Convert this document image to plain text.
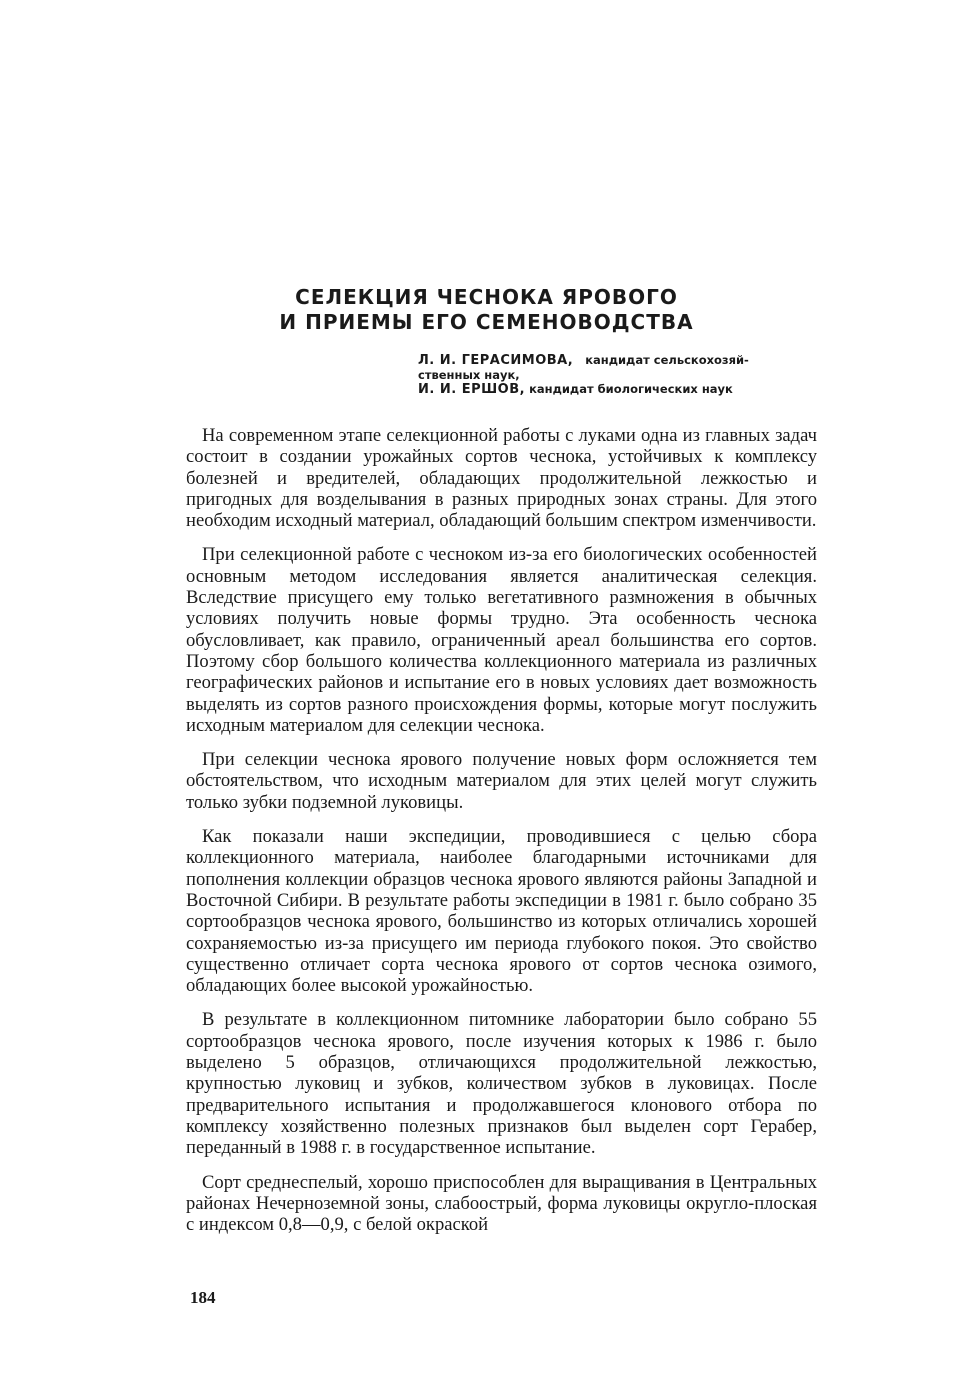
СЕЛЕКЦИЯ ЧЕСНОКА ЯРОВОГО
И ПРИЕМЫ ЕГО СЕМЕНОВОДСТВА
Л. И. ГЕРАСИМОВА, кандидат сельскохозяй-
ственных наук,
И. И. ЕРШОВ, кандидат биологических наук

На современном этапе селекционной работы с луками одна из главных задач состоит в создании урожайных сортов чеснока, устойчивых к комплексу болезней и вредителей, обладающих продолжительной лежкостью и пригодных для возделывания в разных природных зонах страны. Для этого необходим исходный материал, обладающий большим спектром изменчивости.

При селекционной работе с чесноком из-за его биологических особенностей основным методом исследования является аналитическая селекция. Вследствие присущего ему только вегетативного размножения в обычных условиях получить новые формы трудно. Эта особенность чеснока обусловливает, как правило, ограниченный ареал большинства его сортов. Поэтому сбор большого количества коллекционного материала из различных географических районов и испытание его в новых условиях дает возможность выделять из сортов разного происхождения формы, которые могут послужить исходным материалом для селекции чеснока.

При селекции чеснока ярового получение новых форм осложняется тем обстоятельством, что исходным материалом для этих целей могут служить только зубки подземной луковицы.

Как показали наши экспедиции, проводившиеся с целью сбора коллекционного материала, наиболее благодарными источниками для пополнения коллекции образцов чеснока ярового являются районы Западной и Восточной Сибири. В результате работы экспедиции в 1981 г. было собрано 35 сортообразцов чеснока ярового, большинство из которых отличались хорошей сохраняемостью из-за присущего им периода глубокого покоя. Это свойство существенно отличает сорта чеснока ярового от сортов чеснока озимого, обладающих более высокой урожайностью.

В результате в коллекционном питомнике лаборатории было собрано 55 сортообразцов чеснока ярового, после изучения которых к 1986 г. было выделено 5 образцов, отличающихся продолжительной лежкостью, крупностью луковиц и зубков, количеством зубков в луковицах. После предварительного испытания и продолжавшегося клонового отбора по комплексу хозяйственно полезных признаков был выделен сорт Герабер, переданный в 1988 г. в государственное испытание.

Сорт среднеспелый, хорошо приспособлен для выращивания в Центральных районах Нечерноземной зоны, слабоострый, форма луковицы округло-плоская с индексом 0,8—0,9, с белой окраской

184
